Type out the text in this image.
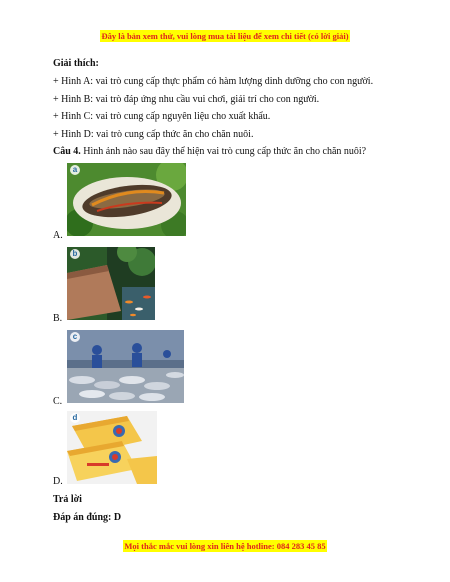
Đây là bản xem thử, vui lòng mua tài liệu để xem chi tiết (có lời giải)
Giải thích:
+ Hình A: vai trò cung cấp thực phẩm có hàm lượng dinh dưỡng cho con người.
+ Hình B: vai trò đáp ứng nhu cầu vui chơi, giải trí cho con người.
+ Hình C: vai trò cung cấp nguyên liệu cho xuất khẩu.
+ Hình D: vai trò cung cấp thức ăn cho chăn nuôi.
Câu 4. Hình ảnh nào sau đây thể hiện vai trò cung cấp thức ăn cho chăn nuôi?
a
A.
b
B.
c
C.
d
D.
Trả lời
Đáp án đúng: D
Mọi thắc mắc vui lòng xin liên hệ hotline: 084 283 45 85
